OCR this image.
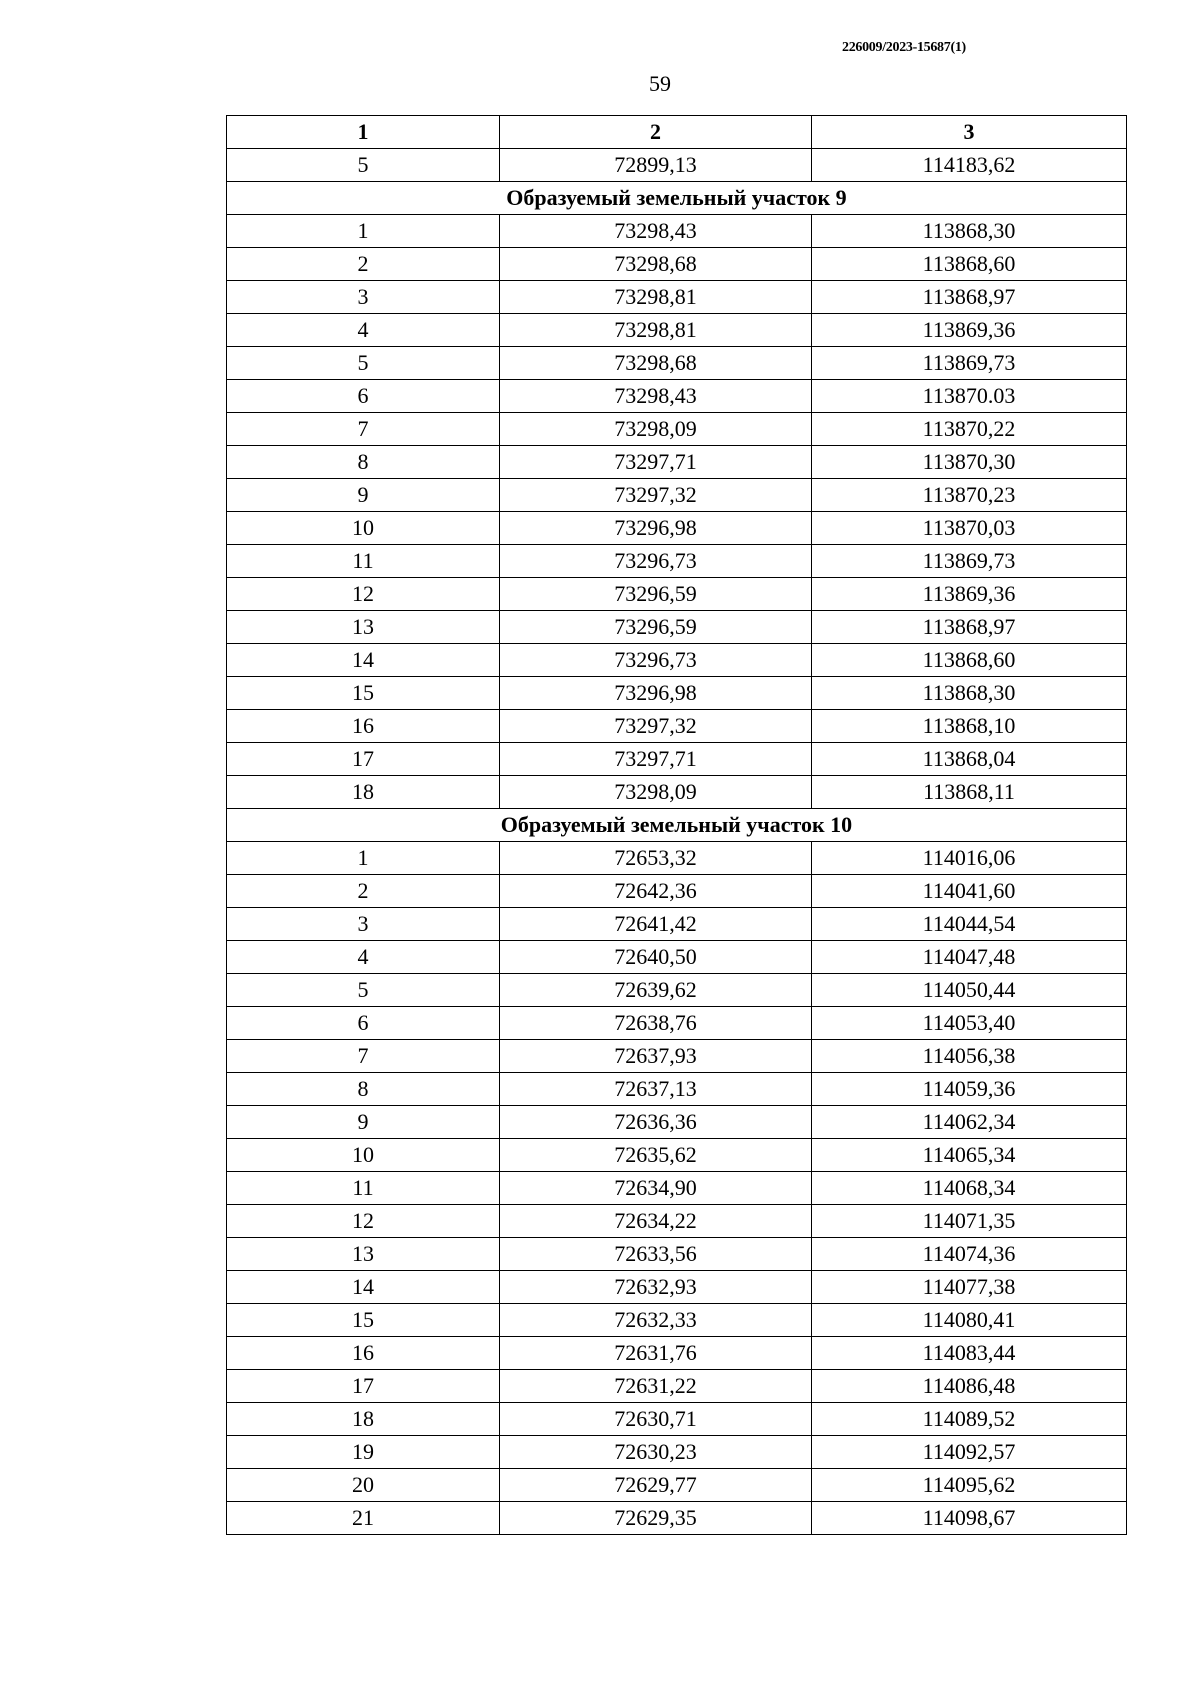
226009/2023-15687(1)
59
1	2	3
5	72899,13	114183,62
Образуемый земельный участок 9		
1	73298,43	113868,30
2	73298,68	113868,60
3	73298,81	113868,97
4	73298,81	113869,36
5	73298,68	113869,73
6	73298,43	113870.03
7	73298,09	113870,22
8	73297,71	113870,30
9	73297,32	113870,23
10	73296,98	113870,03
11	73296,73	113869,73
12	73296,59	113869,36
13	73296,59	113868,97
14	73296,73	113868,60
15	73296,98	113868,30
16	73297,32	113868,10
17	73297,71	113868,04
18	73298,09	113868,11
Образуемый земельный участок 10		
1	72653,32	114016,06
2	72642,36	114041,60
3	72641,42	114044,54
4	72640,50	114047,48
5	72639,62	114050,44
6	72638,76	114053,40
7	72637,93	114056,38
8	72637,13	114059,36
9	72636,36	114062,34
10	72635,62	114065,34
11	72634,90	114068,34
12	72634,22	114071,35
13	72633,56	114074,36
14	72632,93	114077,38
15	72632,33	114080,41
16	72631,76	114083,44
17	72631,22	114086,48
18	72630,71	114089,52
19	72630,23	114092,57
20	72629,77	114095,62
21	72629,35	114098,67
